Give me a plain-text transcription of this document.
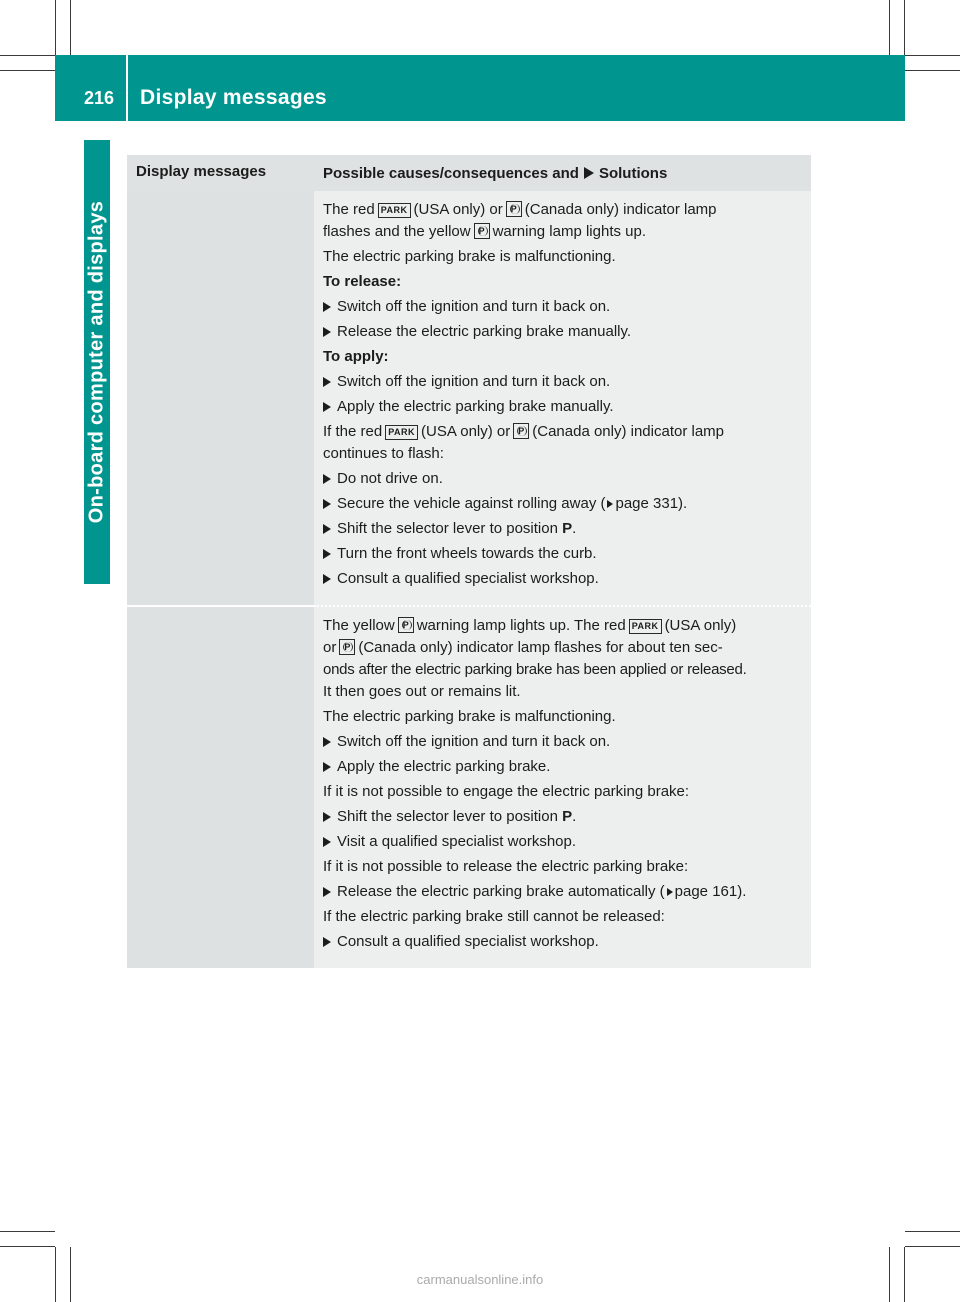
216 Display messages
On-board computer and displays
Display messages	Possible causes/consequences and Solutions

The red PARK (USA only) or P (Canada only) indicator lamp
flashes and the yellow P warning lamp lights up.

The electric parking brake is malfunctioning.

To release:

Switch off the ignition and turn it back on.

Release the electric parking brake manually.

To apply:

Switch off the ignition and turn it back on.

Apply the electric parking brake manually.

If the red PARK (USA only) or P (Canada only) indicator lamp
continues to flash:

Do not drive on.

Secure the vehicle against rolling away ( page 331).

Shift the selector lever to position P.

Turn the front wheels towards the curb.

Consult a qualified specialist workshop.

The yellow P warning lamp lights up. The red PARK (USA only)
or P (Canada only) indicator lamp flashes for about ten sec-
onds after the electric parking brake has been applied or released.
It then goes out or remains lit.

The electric parking brake is malfunctioning.

Switch off the ignition and turn it back on.

Apply the electric parking brake.

If it is not possible to engage the electric parking brake:

Shift the selector lever to position P.

Visit a qualified specialist workshop.

If it is not possible to release the electric parking brake:

Release the electric parking brake automatically ( page 161).

If the electric parking brake still cannot be released:

Consult a qualified specialist workshop.

carmanualsonline.info
